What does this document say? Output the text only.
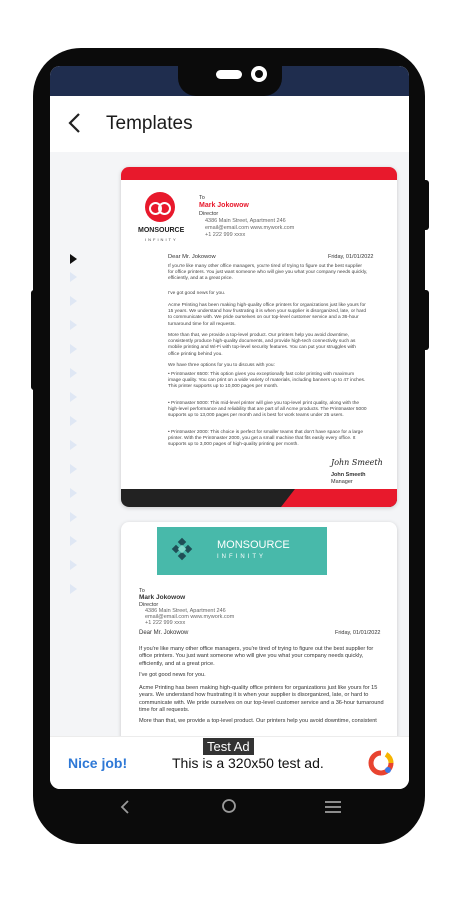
Templates
MONSOURCE
INFINITY
To
Mark Jokowow
Director
4386 Main Street, Apartment 246
email@email.com www.mywork.com
+1 222 999 xxxx
Dear Mr. Jokowow	Friday, 01/01/2022
If you're like many other office managers, you're tired of trying to figure out the best supplier for office printers. You just want someone who will give you what your company needs quickly, efficiently, and at a great price.
I've got good news for you.
Acme Printing has been making high-quality office printers for organizations just like yours for 15 years. We understand how frustrating it is when your supplier is disorganized, late, or hard to communicate with. We pride ourselves on our top-level customer service and a 36-hour turnaround time for all requests.
More than that, we provide a top-level product. Our printers help you avoid downtime, consistently produce high-quality documents, and provide high-tech connectivity such as mobile printing and Wi-Fi with top-level security features. You can put your struggles with office printing behind you.
We have three options for you to discuss with you:
• Printmaster 6500: This option gives you exceptionally fast color printing with maximum image quality. You can print on a wide variety of materials, including banners up to 47 inches. This printer supports up to 10,000 pages per month.
• Printmaster 5000: This mid-level printer will give you top-level print quality, along with the high-level performance and reliability that are part of all Acme products. The Printmaster 5000 supports up to 13,000 pages per month and is best for work teams under 25 users.
• Printmaster 2000: This choice is perfect for smaller teams that don't have space for a large printer. With the Printmaster 2000, you get a small machine that fits easily every office. It supports up to 3,000 pages of high-quality printing per month.
John Smeeth
John Smeeth
Manager
MONSOURCE
INFINITY
To
Mark Jokowow
Director
4386 Main Street, Apartment 246
email@email.com www.mywork.com
+1 222 999 xxxx
Dear Mr. Jokowow	Friday, 01/01/2022
If you're like many other office managers, you're tired of trying to figure out the best supplier for office printers. You just want someone who will give you what your company needs quickly, efficiently, and at a great price.
I've got good news for you.
Acme Printing has been making high-quality office printers for organizations just like yours for 15 years. We understand how frustrating it is when your supplier is disorganized, late, or hard to communicate with. We pride ourselves on our top-level customer service and a 36-hour turnaround time for all requests.
More than that, we provide a top-level product. Our printers help you avoid downtime, consistent
Test Ad
Nice job!	This is a 320x50 test ad.
